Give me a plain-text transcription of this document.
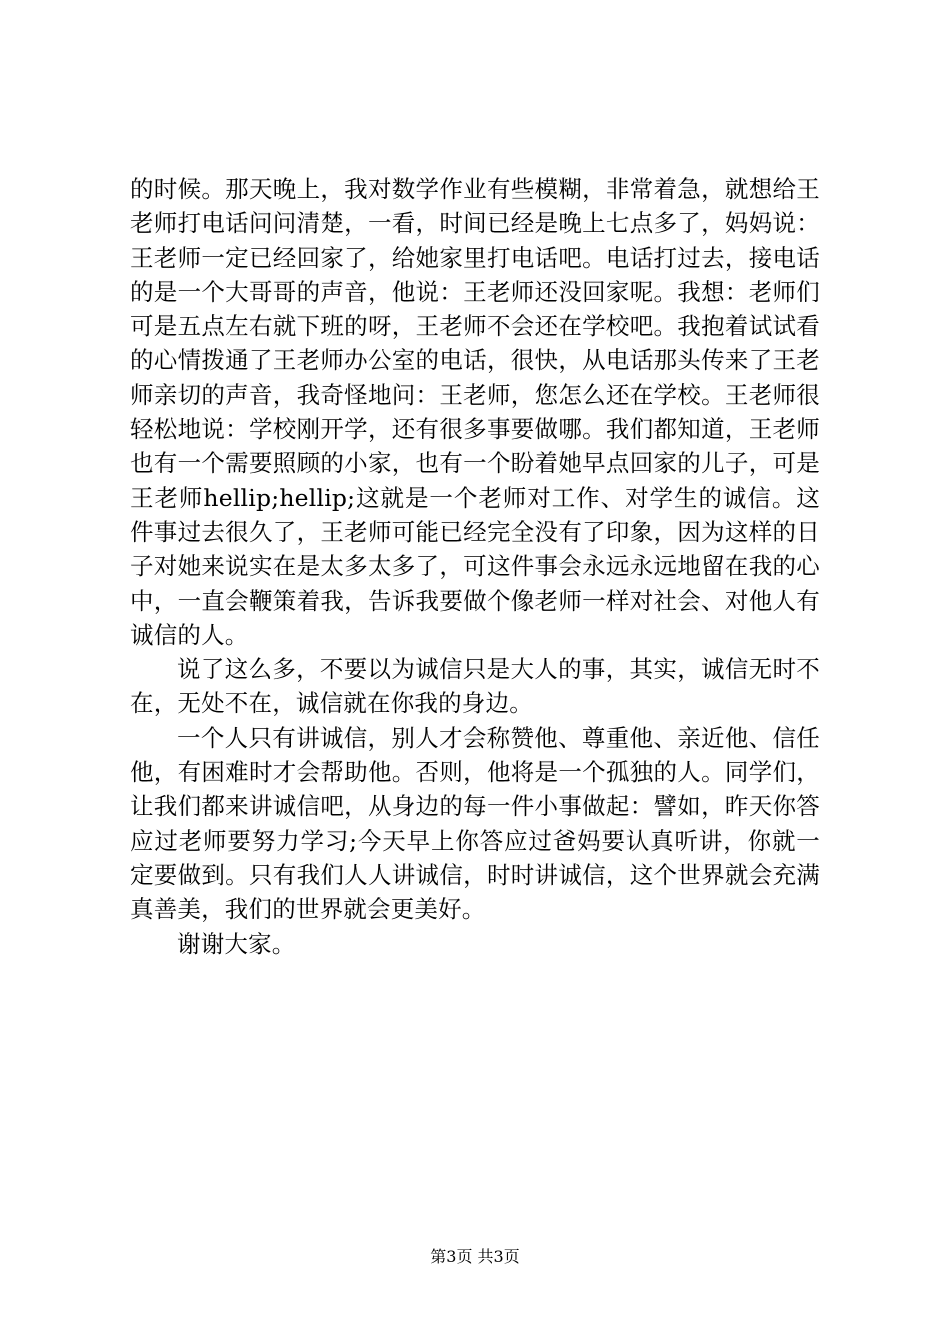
的时候。那天晚上，我对数学作业有些模糊，非常着急，就想给王老师打电话问问清楚，一看，时间已经是晚上七点多了，妈妈说：王老师一定已经回家了，给她家里打电话吧。电话打过去，接电话的是一个大哥哥的声音，他说：王老师还没回家呢。我想：老师们可是五点左右就下班的呀，王老师不会还在学校吧。我抱着试试看的心情拨通了王老师办公室的电话，很快，从电话那头传来了王老师亲切的声音，我奇怪地问：王老师，您怎么还在学校。王老师很轻松地说：学校刚开学，还有很多事要做哪。我们都知道，王老师也有一个需要照顾的小家，也有一个盼着她早点回家的儿子，可是王老师hellip;hellip;这就是一个老师对工作、对学生的诚信。这件事过去很久了，王老师可能已经完全没有了印象，因为这样的日子对她来说实在是太多太多了，可这件事会永远永远地留在我的心中，一直会鞭策着我，告诉我要做个像老师一样对社会、对他人有诚信的人。

说了这么多，不要以为诚信只是大人的事，其实，诚信无时不在，无处不在，诚信就在你我的身边。

一个人只有讲诚信，别人才会称赞他、尊重他、亲近他、信任他，有困难时才会帮助他。否则，他将是一个孤独的人。同学们，让我们都来讲诚信吧，从身边的每一件小事做起：譬如，昨天你答应过老师要努力学习;今天早上你答应过爸妈要认真听讲，你就一定要做到。只有我们人人讲诚信，时时讲诚信，这个世界就会充满真善美，我们的世界就会更美好。

谢谢大家。

第3页 共3页
